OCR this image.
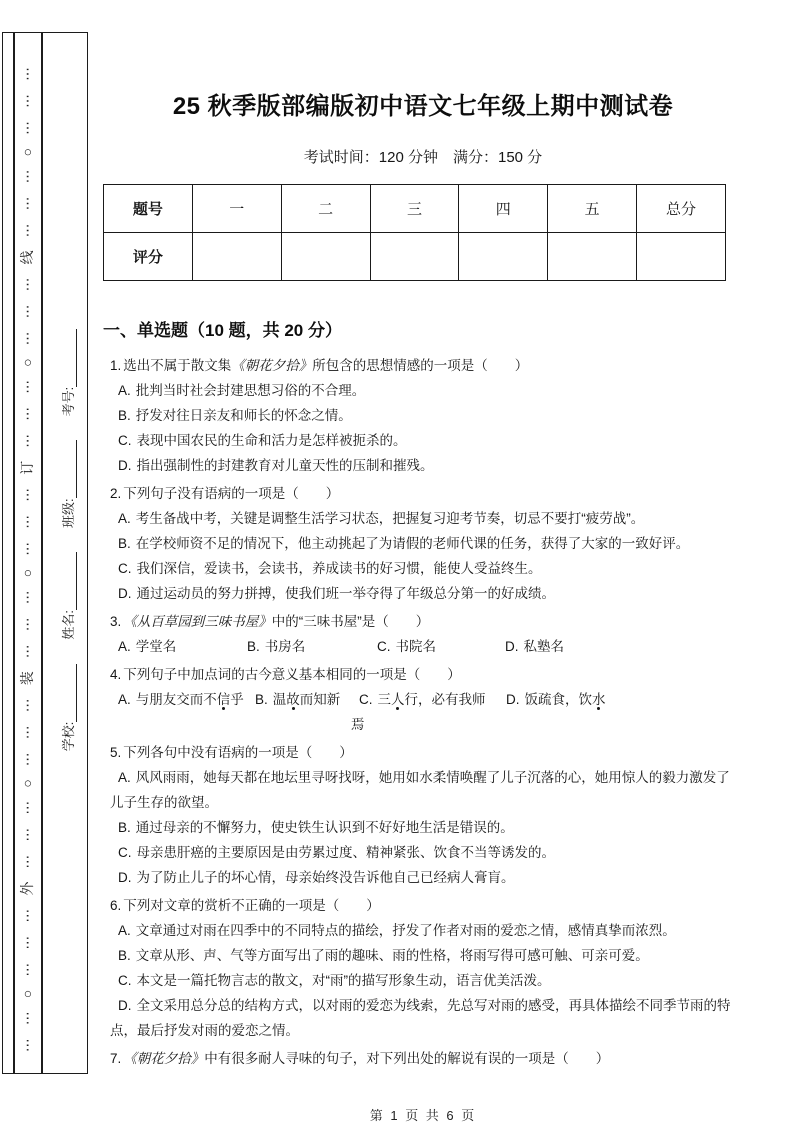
⋯⋯○⋯⋯⋯外⋯⋯⋯○⋯⋯⋯装⋯⋯⋯○⋯⋯⋯订⋯⋯⋯○⋯⋯⋯线⋯⋯⋯○⋯⋯⋯ 学校:
姓名:
班级:
考号:
25 秋季版部编版初中语文七年级上期中测试卷
考试时间：120 分钟　满分：150 分
题号	一	二	三	四	五	总分
评分						
一、单选题（10 题，共 20 分）
1. 选出不属于散文集《朝花夕拾》所包含的思想情感的一项是（　　）
A. 批判当时社会封建思想习俗的不合理。
B. 抒发对往日亲友和师长的怀念之情。
C. 表现中国农民的生命和活力是怎样被扼杀的。
D. 指出强制性的封建教育对儿童天性的压制和摧残。
2. 下列句子没有语病的一项是（　　）
A. 考生备战中考，关键是调整生活学习状态，把握复习迎考节奏，切忌不要打“疲劳战”。
B. 在学校师资不足的情况下，他主动挑起了为请假的老师代课的任务，获得了大家的一致好评。
C. 我们深信，爱读书，会读书，养成读书的好习惯，能使人受益终生。
D. 通过运动员的努力拼搏，使我们班一举夺得了年级总分第一的好成绩。
3. 《从百草园到三味书屋》中的“三味书屋”是（　　）
A. 学堂名	B. 书房名	C. 书院名	D. 私塾名
4. 下列句子中加点词的古今意义基本相同的一项是（　　）
A. 与朋友交而不信乎 B. 温故而知新	C. 三人行，必有我师焉
D. 饭疏食，饮水
5. 下列各句中没有语病的一项是（　　）
A. 风风雨雨，她每天都在地坛里寻呀找呀，她用如水柔情唤醒了儿子沉落的心，她用惊人的毅力激发了儿子生存的欲望。
B. 通过母亲的不懈努力，使史铁生认识到不好好地生活是错误的。
C. 母亲患肝癌的主要原因是由劳累过度、精神紧张、饮食不当等诱发的。
D. 为了防止儿子的坏心情，母亲始终没告诉他自己已经病人膏肓。
6. 下列对文章的赏析不正确的一项是（　　）
A. 文章通过对雨在四季中的不同特点的描绘，抒发了作者对雨的爱恋之情，感情真挚而浓烈。
B. 文章从形、声、气等方面写出了雨的趣味、雨的性格，将雨写得可感可触、可亲可爱。
C. 本文是一篇托物言志的散文，对“雨”的描写形象生动，语言优美活泼。
D. 全文采用总分总的结构方式，以对雨的爱恋为线索，先总写对雨的感受，再具体描绘不同季节雨的特点，最后抒发对雨的爱恋之情。
7. 《朝花夕拾》中有很多耐人寻味的句子，对下列出处的解说有误的一项是（　　）
第 1 页 共 6 页
